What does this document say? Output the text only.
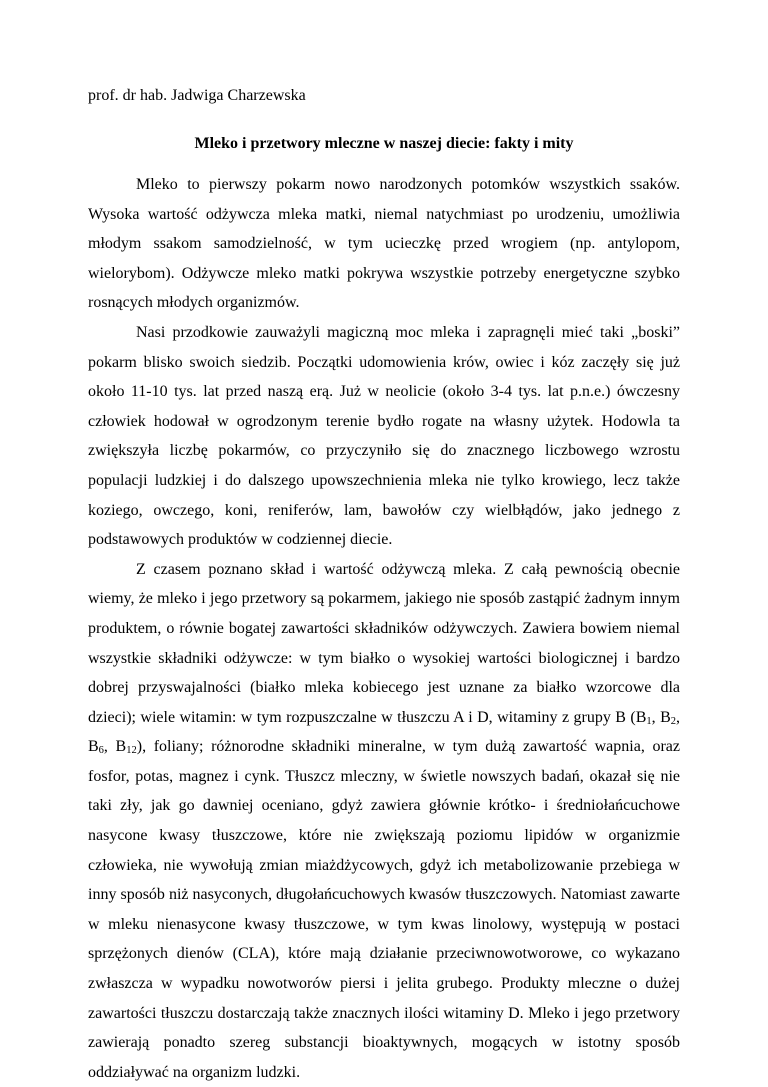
prof. dr hab. Jadwiga Charzewska

Mleko i przetwory mleczne w naszej diecie: fakty i mity

Mleko to pierwszy pokarm nowo narodzonych potomków wszystkich ssaków. Wysoka wartość odżywcza mleka matki, niemal natychmiast po urodzeniu, umożliwia młodym ssakom samodzielność, w tym ucieczkę przed wrogiem (np. antylopom, wielorybom). Odżywcze mleko matki pokrywa wszystkie potrzeby energetyczne szybko rosnących młodych organizmów.

Nasi przodkowie zauważyli magiczną moc mleka i zapragnęli mieć taki „boski” pokarm blisko swoich siedzib. Początki udomowienia krów, owiec i kóz zaczęły się już około 11-10 tys. lat przed naszą erą. Już w neolicie (około 3-4 tys. lat p.n.e.) ówczesny człowiek hodował w ogrodzonym terenie bydło rogate na własny użytek. Hodowla ta zwiększyła liczbę pokarmów, co przyczyniło się do znacznego liczbowego wzrostu populacji ludzkiej i do dalszego upowszechnienia mleka nie tylko krowiego, lecz także koziego, owczego, koni, reniferów, lam, bawołów czy wielbłądów, jako jednego z podstawowych produktów w codziennej diecie.

Z czasem poznano skład i wartość odżywczą mleka. Z całą pewnością obecnie wiemy, że mleko i jego przetwory są pokarmem, jakiego nie sposób zastąpić żadnym innym produktem, o równie bogatej zawartości składników odżywczych. Zawiera bowiem niemal wszystkie składniki odżywcze: w tym białko o wysokiej wartości biologicznej i bardzo dobrej przyswajalności (białko mleka kobiecego jest uznane za białko wzorcowe dla dzieci); wiele witamin: w tym rozpuszczalne w tłuszczu A i D, witaminy z grupy B ($B_1$, $B_2$, $B_6$, $B_{12}$), foliany; różnorodne składniki mineralne, w tym dużą zawartość wapnia, oraz fosfor, potas, magnez i cynk. Tłuszcz mleczny, w świetle nowszych badań, okazał się nie taki zły, jak go dawniej oceniano, gdyż zawiera głównie krótko- i średniołańcuchowe nasycone kwasy tłuszczowe, które nie zwiększają poziomu lipidów w organizmie człowieka, nie wywołują zmian miażdżycowych, gdyż ich metabolizowanie przebiega w inny sposób niż nasyconych, długołańcuchowych kwasów tłuszczowych. Natomiast zawarte w mleku nienasycone kwasy tłuszczowe, w tym kwas linolowy, występują w postaci sprzężonych dienów (CLA), które mają działanie przeciwnowotworowe, co wykazano zwłaszcza w wypadku nowotworów piersi i jelita grubego. Produkty mleczne o dużej zawartości tłuszczu dostarczają także znacznych ilości witaminy D. Mleko i jego przetwory zawierają ponadto szereg substancji bioaktywnych, mogących w istotny sposób oddziaływać na organizm ludzki.
